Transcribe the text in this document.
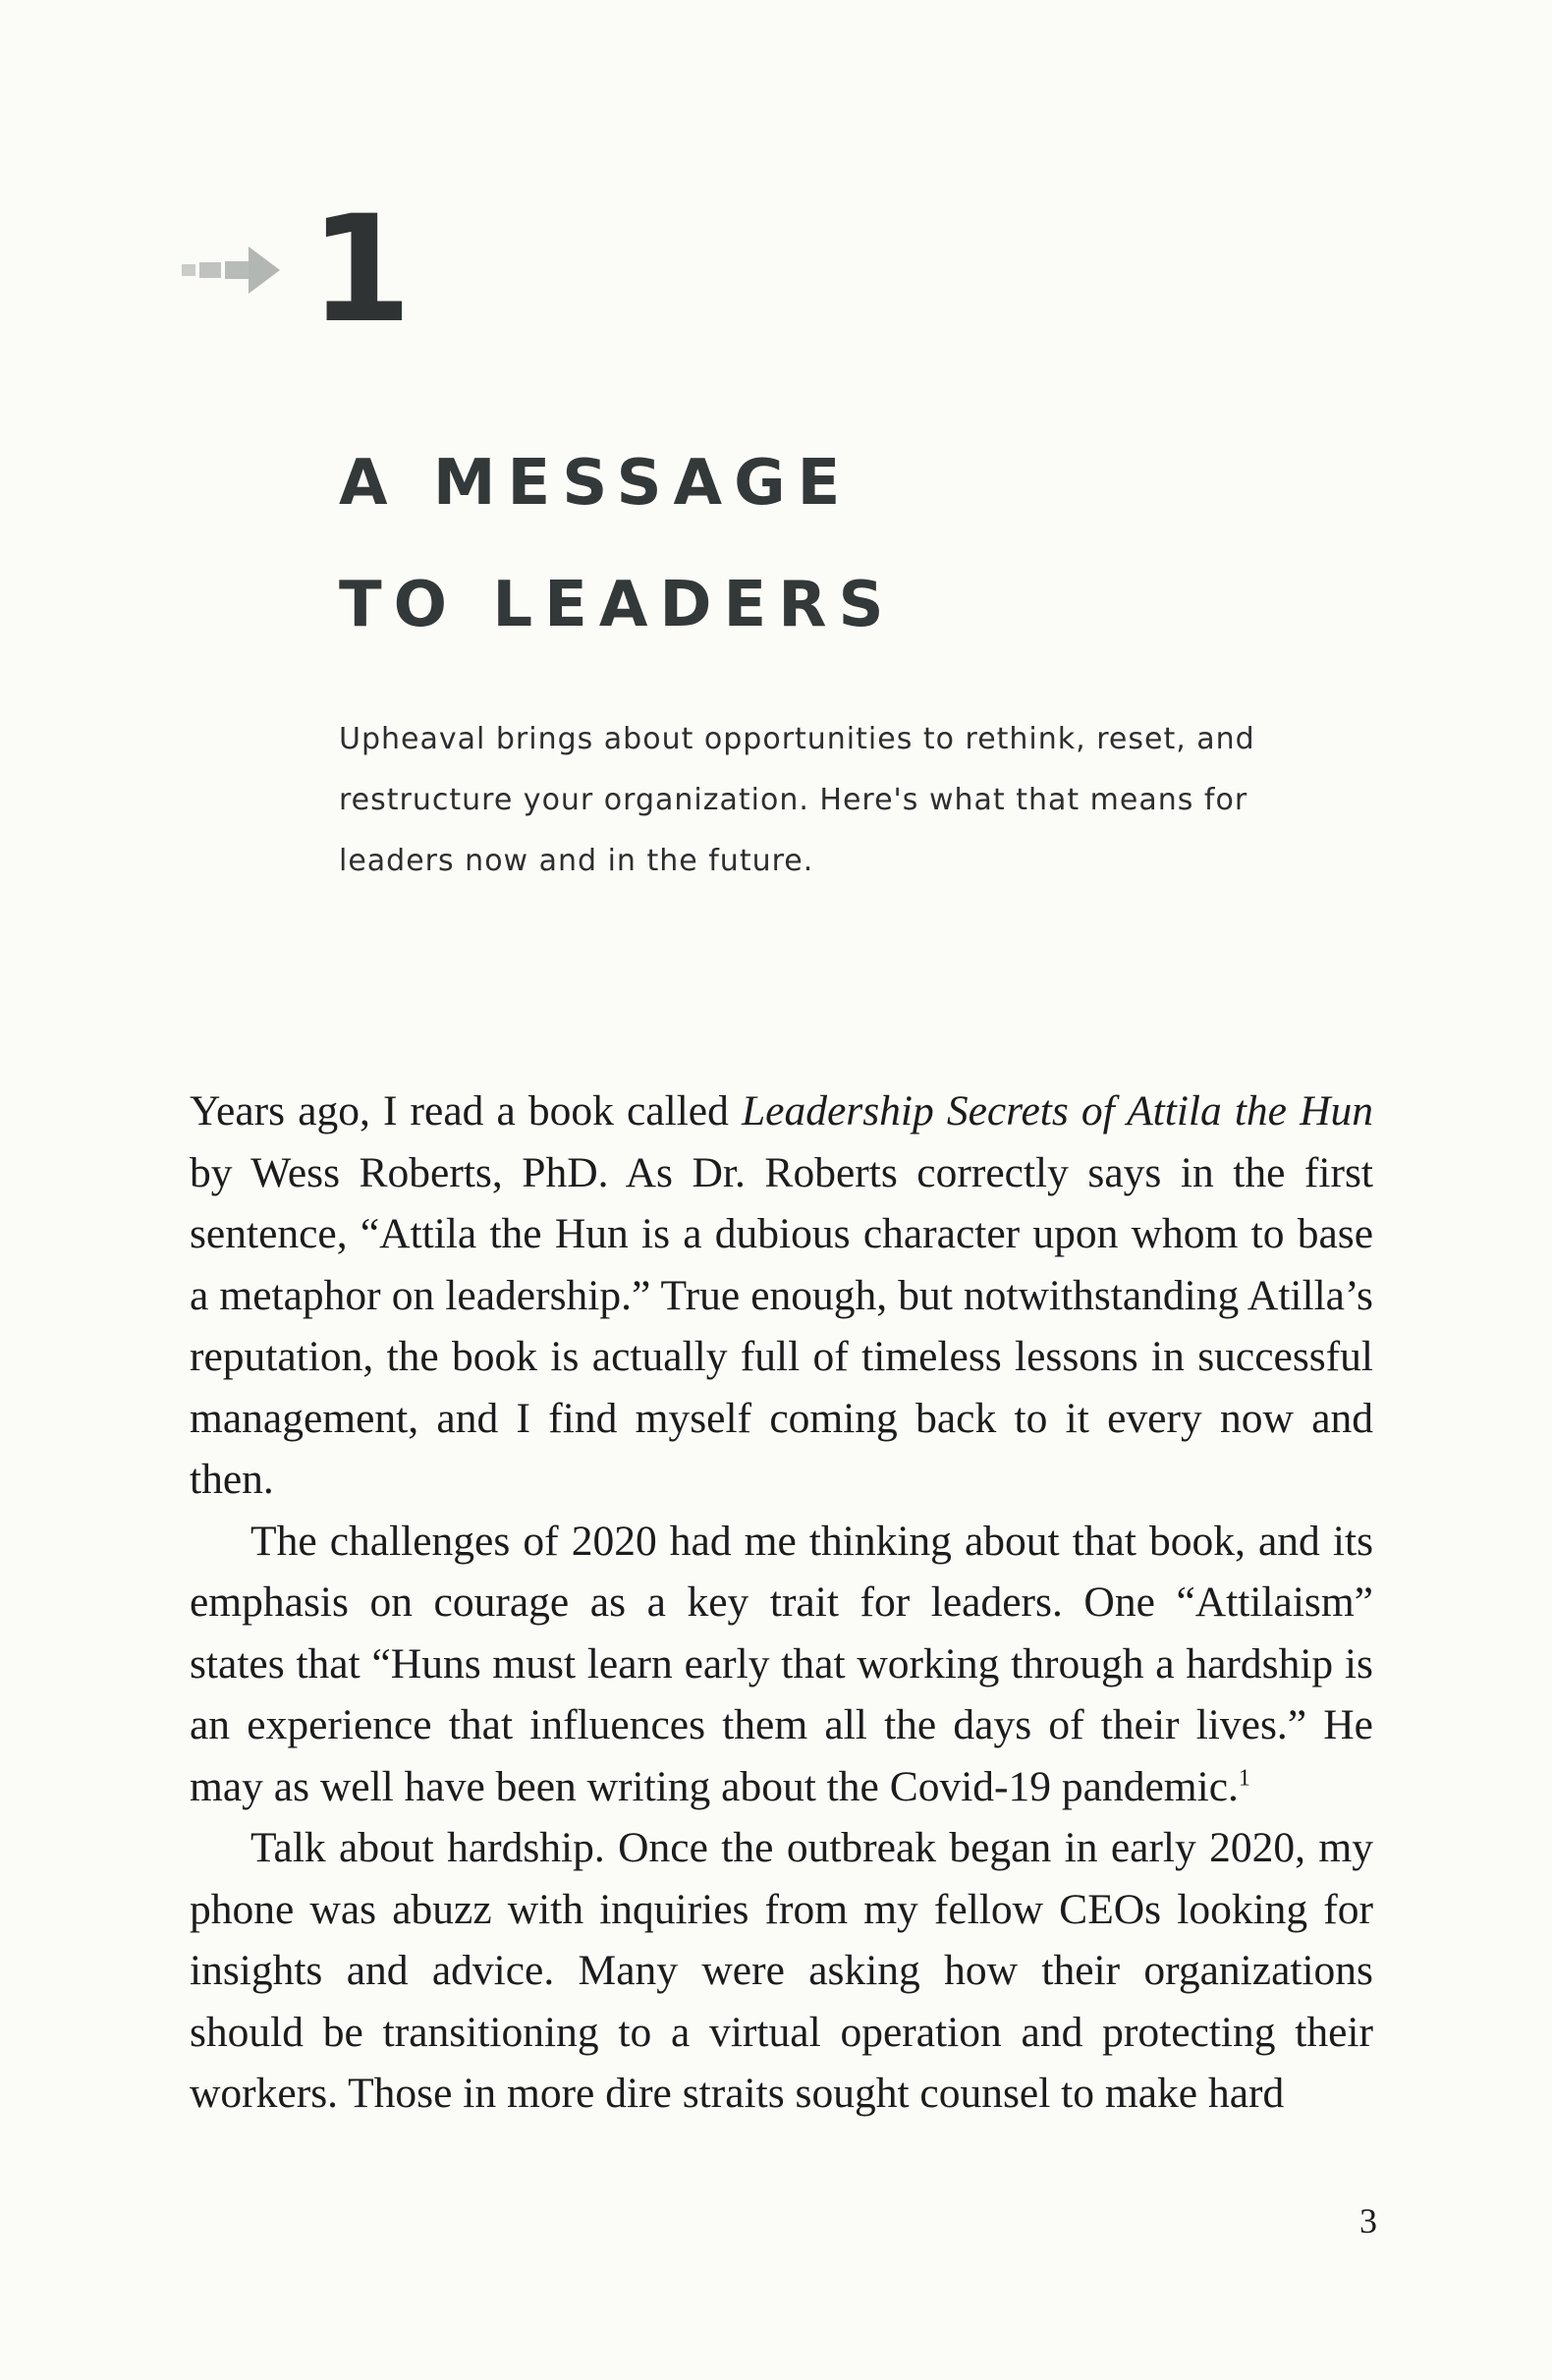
1
A MESSAGE
TO LEADERS

Upheaval brings about opportunities to rethink, reset, and restructure your organization. Here's what that means for leaders now and in the future.

Years ago, I read a book called Leadership Secrets of Attila the Hun by Wess Roberts, PhD. As Dr. Roberts correctly says in the first sentence, “Attila the Hun is a dubious character upon whom to base a metaphor on leadership.” True enough, but notwithstanding Atilla’s reputation, the book is actually full of timeless lessons in successful management, and I find myself coming back to it every now and then.

The challenges of 2020 had me thinking about that book, and its emphasis on courage as a key trait for leaders. One “Attilaism” states that “Huns must learn early that working through a hardship is an experience that influences them all the days of their lives.” He may as well have been writing about the Covid-19 pandemic.$^1$

Talk about hardship. Once the outbreak began in early 2020, my phone was abuzz with inquiries from my fellow CEOs looking for insights and advice. Many were asking how their organizations should be transitioning to a virtual operation and protecting their workers. Those in more dire straits sought counsel to make hard

3
